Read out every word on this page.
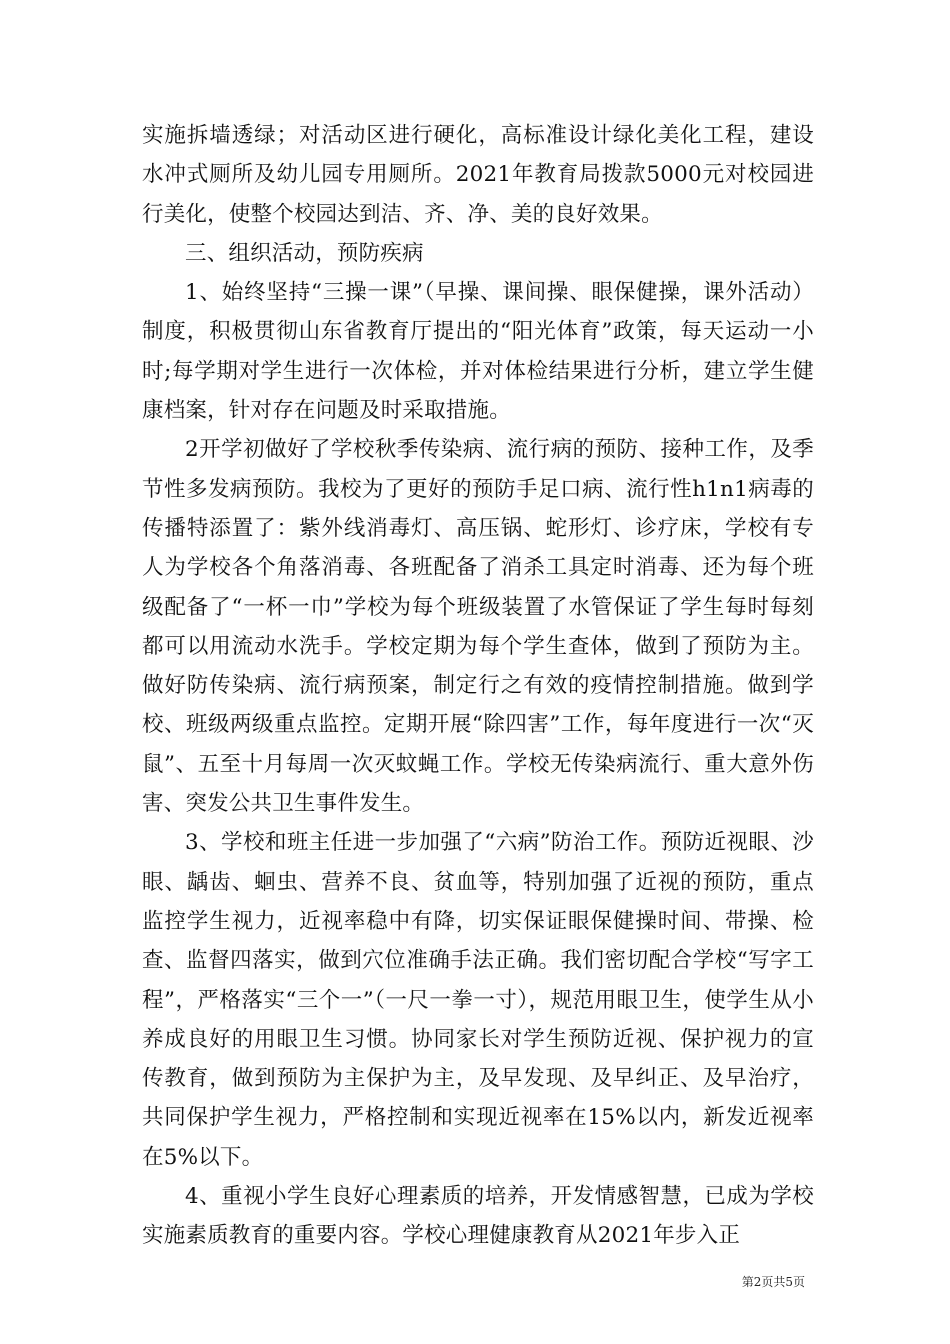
实施拆墙透绿；对活动区进行硬化，高标准设计绿化美化工程，建设水冲式厕所及幼儿园专用厕所。2021年教育局拨款5000元对校园进行美化，使整个校园达到洁、齐、净、美的良好效果。

三、组织活动，预防疾病

1、始终坚持“三操一课”（早操、课间操、眼保健操，课外活动）制度，积极贯彻山东省教育厅提出的“阳光体育”政策，每天运动一小时;每学期对学生进行一次体检，并对体检结果进行分析，建立学生健康档案，针对存在问题及时采取措施。

2开学初做好了学校秋季传染病、流行病的预防、接种工作，及季节性多发病预防。我校为了更好的预防手足口病、流行性h1n1病毒的传播特添置了：紫外线消毒灯、高压锅、蛇形灯、诊疗床，学校有专人为学校各个角落消毒、各班配备了消杀工具定时消毒、还为每个班级配备了“一杯一巾”学校为每个班级装置了水管保证了学生每时每刻都可以用流动水洗手。学校定期为每个学生查体，做到了预防为主。做好防传染病、流行病预案，制定行之有效的疫情控制措施。做到学校、班级两级重点监控。定期开展“除四害”工作，每年度进行一次“灭鼠”、五至十月每周一次灭蚊蝇工作。学校无传染病流行、重大意外伤害、突发公共卫生事件发生。

3、学校和班主任进一步加强了“六病”防治工作。预防近视眼、沙眼、龋齿、蛔虫、营养不良、贫血等，特别加强了近视的预防，重点监控学生视力，近视率稳中有降，切实保证眼保健操时间、带操、检查、监督四落实，做到穴位准确手法正确。我们密切配合学校“写字工程”，严格落实“三个一”（一尺一拳一寸），规范用眼卫生，使学生从小养成良好的用眼卫生习惯。协同家长对学生预防近视、保护视力的宣传教育，做到预防为主保护为主，及早发现、及早纠正、及早治疗，共同保护学生视力，严格控制和实现近视率在15%以内，新发近视率在5%以下。

4、重视小学生良好心理素质的培养，开发情感智慧，已成为学校实施素质教育的重要内容。学校心理健康教育从2021年步入正

第2页共5页
